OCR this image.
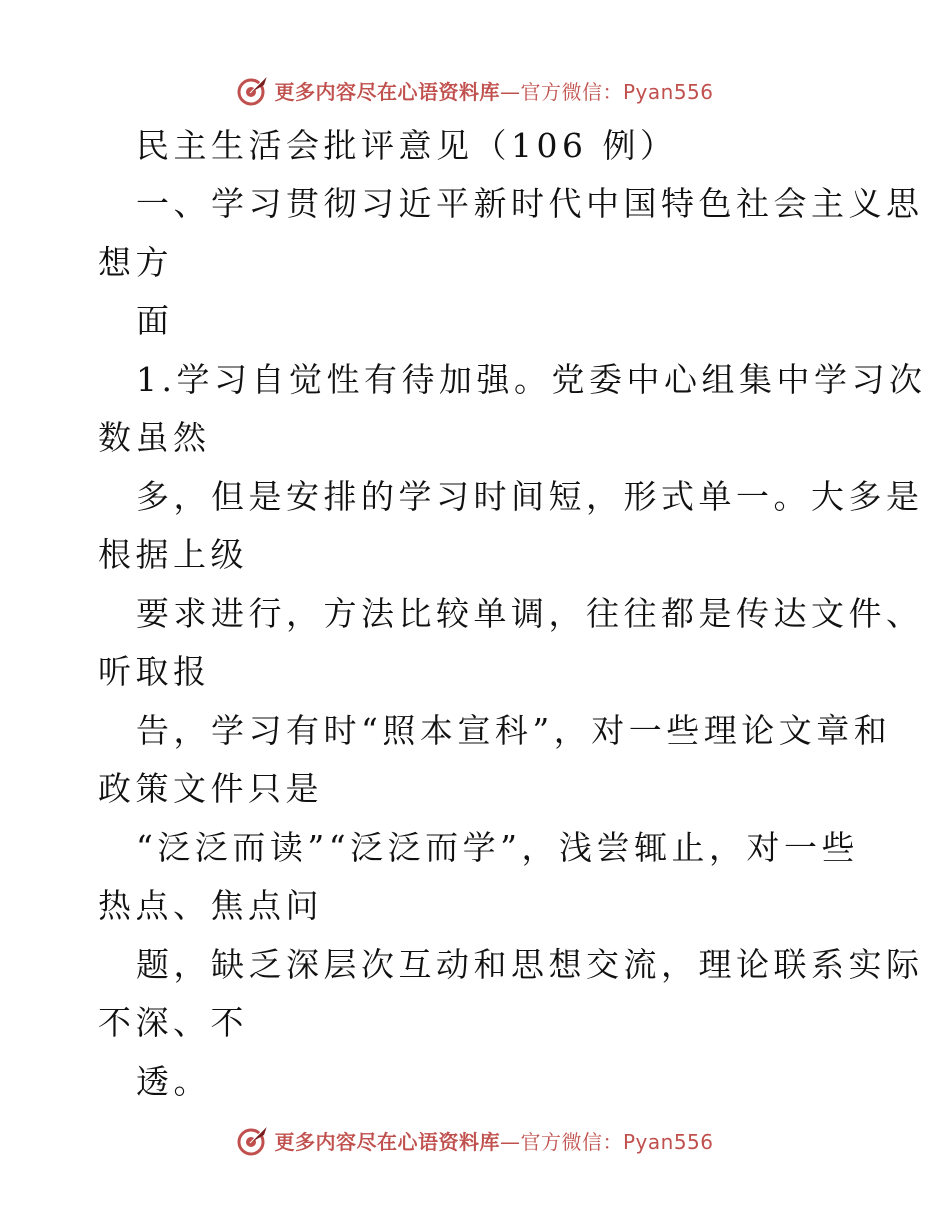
更多内容尽在心语资料库—官方微信：Pyan556
民主生活会批评意见（106 例）
一、学习贯彻习近平新时代中国特色社会主义思
想方
面
1.学习自觉性有待加强。党委中心组集中学习次
数虽然
多，但是安排的学习时间短，形式单一。大多是
根据上级
要求进行，方法比较单调，往往都是传达文件、
听取报
告，学习有时“照本宣科”，对一些理论文章和
政策文件只是
“泛泛而读”“泛泛而学”，浅尝辄止，对一些
热点、焦点问
题，缺乏深层次互动和思想交流，理论联系实际
不深、不
透。
更多内容尽在心语资料库—官方微信：Pyan556
